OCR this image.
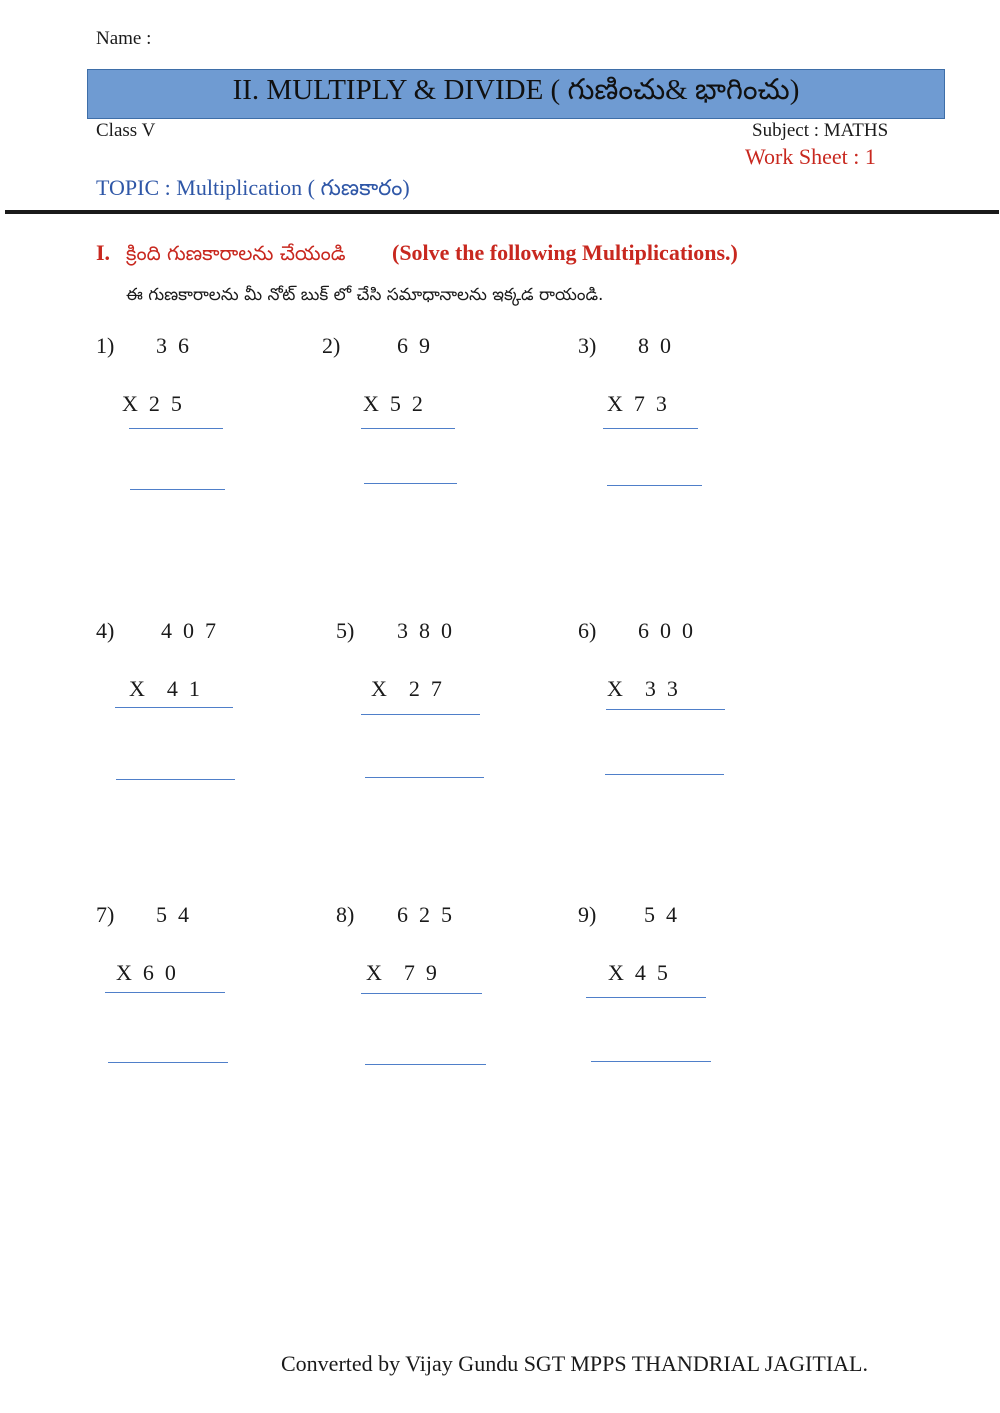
Name :
II. MULTIPLY & DIVIDE ( గుణించు& భాగించు)
Class V	Subject : MATHS
Work Sheet : 1
TOPIC : Multiplication ( గుణకారం)
I. క్రింది గుణకారాలను చేయండి (Solve the following Multiplications.)
ఈ గుణకారాలను మీ నోట్ బుక్ లో చేసి సమాధానాలను ఇక్కడ రాయండి.
1) 3  6
X  2  5
2)	6  9
X  5  2
3) 8  0
X  7  3
4) 4  0  7
X    4  1
5) 3  8  0
X    2  7
6) 6  0  0
X    3  3
7) 5  4
X  6  0
8) 6  2  5
X    7  9
9) 5  4
X  4  5
Converted by Vijay Gundu SGT MPPS THANDRIAL JAGITIAL.
